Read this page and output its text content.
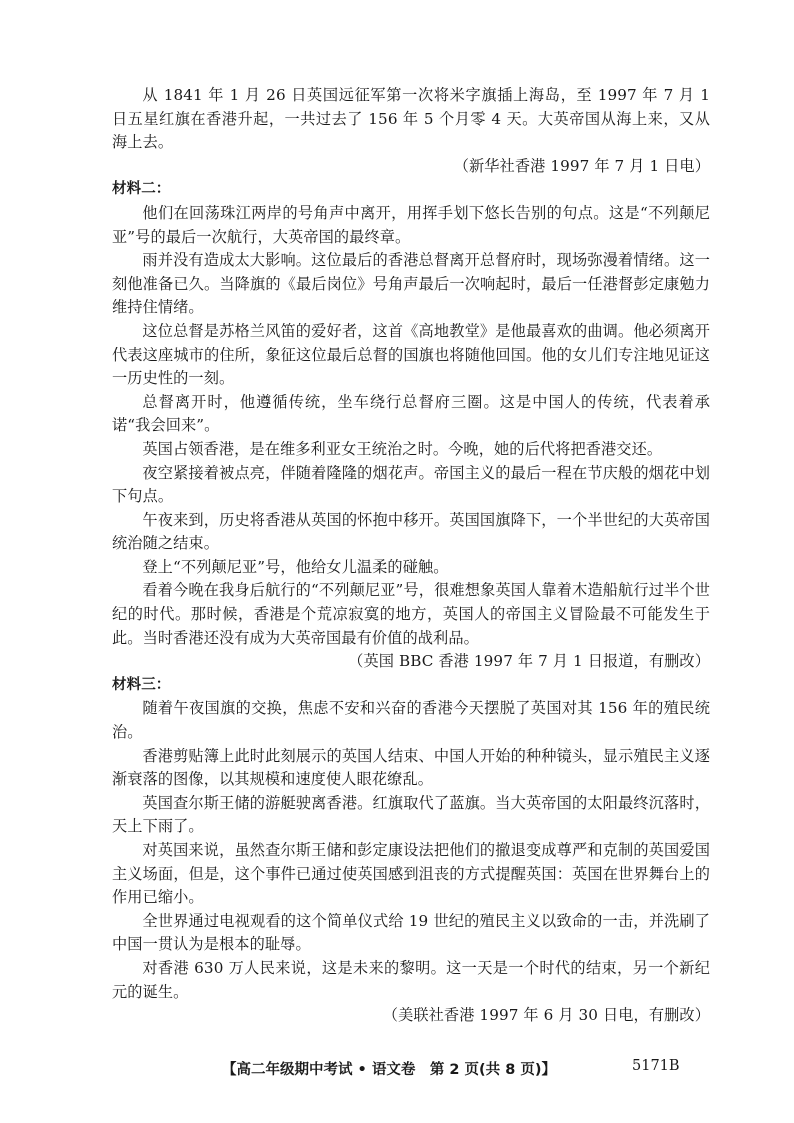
从 1841 年 1 月 26 日英国远征军第一次将米字旗插上海岛，至 1997 年 7 月 1 日五星红旗在香港升起，一共过去了 156 年 5 个月零 4 天。大英帝国从海上来，又从海上去。

（新华社香港 1997 年 7 月 1 日电）

材料二：

他们在回荡珠江两岸的号角声中离开，用挥手划下悠长告别的句点。这是“不列颠尼亚”号的最后一次航行，大英帝国的最终章。

雨并没有造成太大影响。这位最后的香港总督离开总督府时，现场弥漫着情绪。这一刻他准备已久。当降旗的《最后岗位》号角声最后一次响起时，最后一任港督彭定康勉力维持住情绪。

这位总督是苏格兰风笛的爱好者，这首《高地教堂》是他最喜欢的曲调。他必须离开代表这座城市的住所，象征这位最后总督的国旗也将随他回国。他的女儿们专注地见证这一历史性的一刻。

总督离开时，他遵循传统，坐车绕行总督府三圈。这是中国人的传统，代表着承诺“我会回来”。

英国占领香港，是在维多利亚女王统治之时。今晚，她的后代将把香港交还。

夜空紧接着被点亮，伴随着隆隆的烟花声。帝国主义的最后一程在节庆般的烟花中划下句点。

午夜来到，历史将香港从英国的怀抱中移开。英国国旗降下，一个半世纪的大英帝国统治随之结束。

登上“不列颠尼亚”号，他给女儿温柔的碰触。

看着今晚在我身后航行的“不列颠尼亚”号，很难想象英国人靠着木造船航行过半个世纪的时代。那时候，香港是个荒凉寂寞的地方，英国人的帝国主义冒险最不可能发生于此。当时香港还没有成为大英帝国最有价值的战利品。

（英国 BBC 香港 1997 年 7 月 1 日报道，有删改）

材料三：

随着午夜国旗的交换，焦虑不安和兴奋的香港今天摆脱了英国对其 156 年的殖民统治。

香港剪贴簿上此时此刻展示的英国人结束、中国人开始的种种镜头，显示殖民主义逐渐衰落的图像，以其规模和速度使人眼花缭乱。

英国查尔斯王储的游艇驶离香港。红旗取代了蓝旗。当大英帝国的太阳最终沉落时，天上下雨了。

对英国来说，虽然查尔斯王储和彭定康设法把他们的撤退变成尊严和克制的英国爱国主义场面，但是，这个事件已通过使英国感到沮丧的方式提醒英国：英国在世界舞台上的作用已缩小。

全世界通过电视观看的这个简单仪式给 19 世纪的殖民主义以致命的一击，并洗刷了中国一贯认为是根本的耻辱。

对香港 630 万人民来说，这是未来的黎明。这一天是一个时代的结束，另一个新纪元的诞生。

（美联社香港 1997 年 6 月 30 日电，有删改）

【高二年级期中考试 • 语文卷　第 2 页(共 8 页)】	5171B
